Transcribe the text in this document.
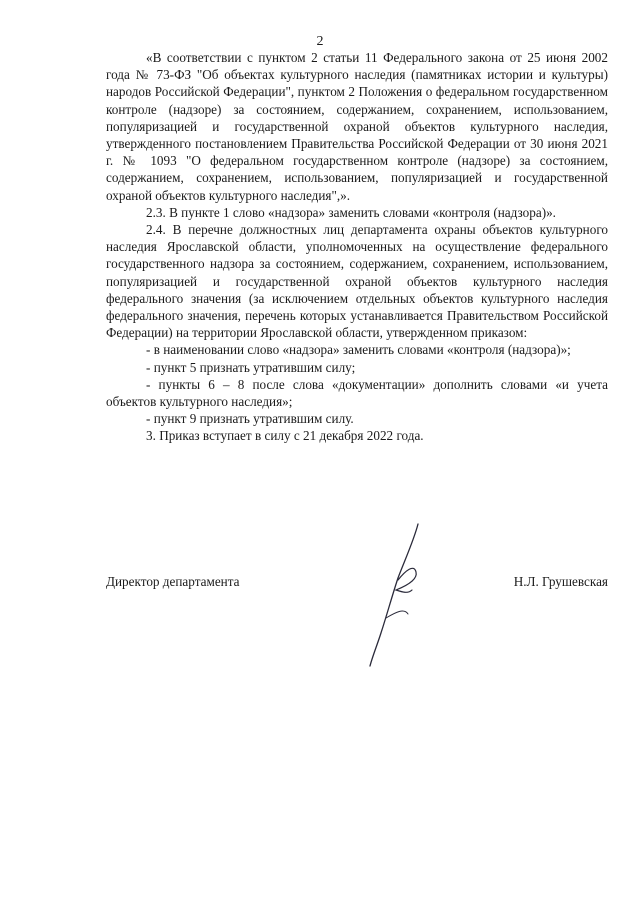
2

«В соответствии с пунктом 2 статьи 11 Федерального закона от 25 июня 2002 года № 73-ФЗ "Об объектах культурного наследия (памятниках истории и культуры) народов Российской Федерации", пунктом 2 Положения о федеральном государственном контроле (надзоре) за состоянием, содержанием, сохранением, использованием, популяризацией и государственной охраной объектов культурного наследия, утвержденного постановлением Правительства Российской Федерации от 30 июня 2021 г. № 1093 "О федеральном государственном контроле (надзоре) за состоянием, содержанием, сохранением, использованием, популяризацией и государственной охраной объектов культурного наследия",».

2.3. В пункте 1 слово «надзора» заменить словами «контроля (надзора)».

2.4. В перечне должностных лиц департамента охраны объектов культурного наследия Ярославской области, уполномоченных на осуществление федерального государственного надзора за состоянием, содержанием, сохранением, использованием, популяризацией и государственной охраной объектов культурного наследия федерального значения (за исключением отдельных объектов культурного наследия федерального значения, перечень которых устанавливается Правительством Российской Федерации) на территории Ярославской области, утвержденном приказом:

- в наименовании слово «надзора» заменить словами «контроля (надзора)»;

- пункт 5 признать утратившим силу;

- пункты 6 – 8 после слова «документации» дополнить словами «и учета объектов культурного наследия»;

- пункт 9 признать утратившим силу.

3. Приказ вступает в силу с 21 декабря 2022 года.

Директор департамента	Н.Л. Грушевская
